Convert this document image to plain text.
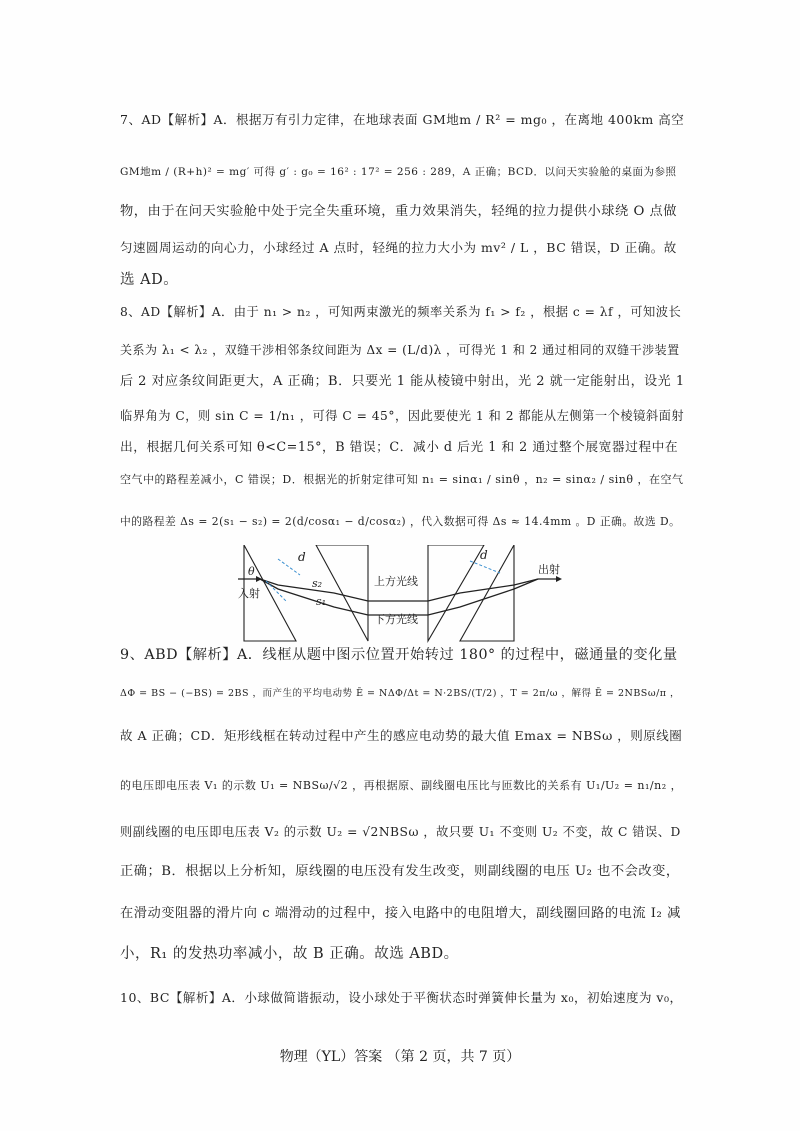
7、AD【解析】A．根据万有引力定律，在地球表面 GM地m / R² = mg₀ ，在离地 400km 高空
GM地m / (R+h)² = mg′ 可得 g′ : g₀ = 16² : 17² = 256 : 289，A 正确；BCD．以问天实验舱的桌面为参照
物，由于在问天实验舱中处于完全失重环境，重力效果消失，轻绳的拉力提供小球绕 O 点做
匀速圆周运动的向心力，小球经过 A 点时，轻绳的拉力大小为 mv² / L ，BC 错误，D 正确。故
选 AD。
8、AD【解析】A．由于 n₁ > n₂ ，可知两束激光的频率关系为 f₁ > f₂ ，根据 c = λf ，可知波长
关系为 λ₁ < λ₂ ，双缝干涉相邻条纹间距为 Δx = (L/d)λ ，可得光 1 和 2 通过相同的双缝干涉装置
后 2 对应条纹间距更大，A 正确；B．只要光 1 能从棱镜中射出，光 2 就一定能射出，设光 1
临界角为 C，则 sin C = 1/n₁ ，可得 C = 45°，因此要使光 1 和 2 都能从左侧第一个棱镜斜面射
出，根据几何关系可知 θ<C=15°，B 错误；C．减小 d 后光 1 和 2 通过整个展宽器过程中在
空气中的路程差减小，C 错误；D．根据光的折射定律可知 n₁ = sinα₁ / sinθ ，n₂ = sinα₂ / sinθ ，在空气
中的路程差 Δs = 2(s₁ − s₂) = 2(d/cosα₁ − d/cosα₂) ，代入数据可得 Δs ≈ 14.4mm 。D 正确。故选 D。
入射
出射
上方光线
下方光线
d	d
θ
s₂
s₁
9、ABD【解析】A．线框从题中图示位置开始转过 180° 的过程中，磁通量的变化量
ΔΦ = BS − (−BS) = 2BS ，而产生的平均电动势 Ē = NΔΦ/Δt = N·2BS/(T/2) ，T = 2π/ω ，解得 Ē = 2NBSω/π ，
故 A 正确；CD．矩形线框在转动过程中产生的感应电动势的最大值 Emax = NBSω ，则原线圈
的电压即电压表 V₁ 的示数 U₁ = NBSω/√2 ，再根据原、副线圈电压比与匝数比的关系有 U₁/U₂ = n₁/n₂ ，
则副线圈的电压即电压表 V₂ 的示数 U₂ = √2NBSω ，故只要 U₁ 不变则 U₂ 不变，故 C 错误、D
正确；B．根据以上分析知，原线圈的电压没有发生改变，则副线圈的电压 U₂ 也不会改变，
在滑动变阻器的滑片向 c 端滑动的过程中，接入电路中的电阻增大，副线圈回路的电流 I₂ 减
小，R₁ 的发热功率减小，故 B 正确。故选 ABD。
10、BC【解析】A．小球做简谐振动，设小球处于平衡状态时弹簧伸长量为 x₀，初始速度为 v₀，
物理（YL）答案 （第 2 页，共 7 页）
